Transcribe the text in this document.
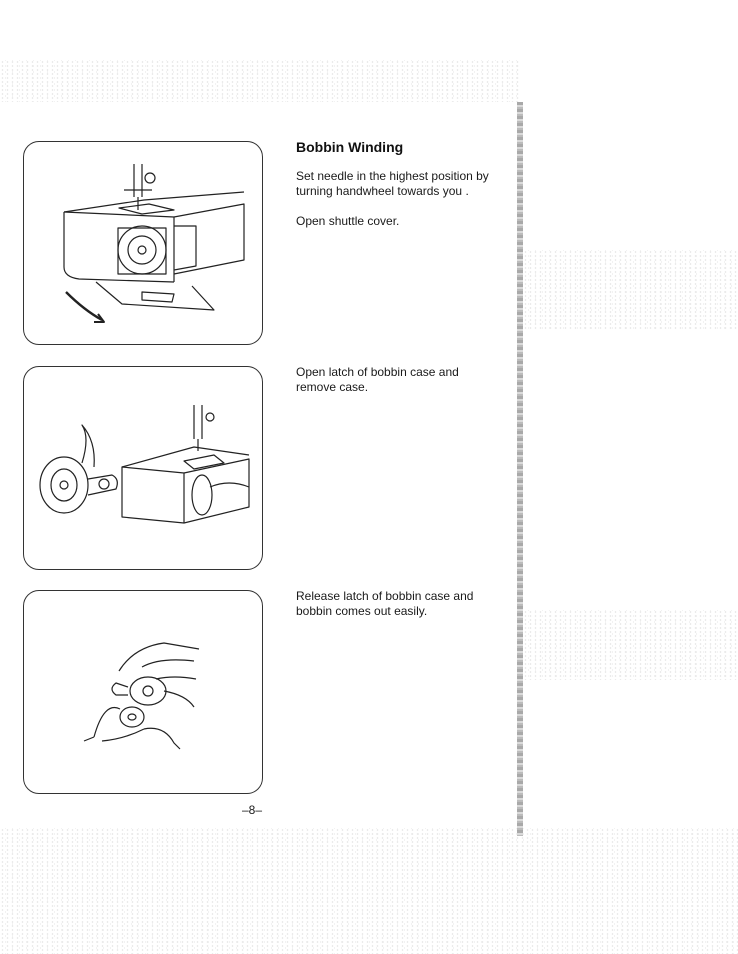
Bobbin Winding
Set needle in the highest position by turning handwheel towards you .
Open shuttle cover.
Open latch of bobbin case and remove case.
Release latch of bobbin case and bobbin comes out easily.
–8–
